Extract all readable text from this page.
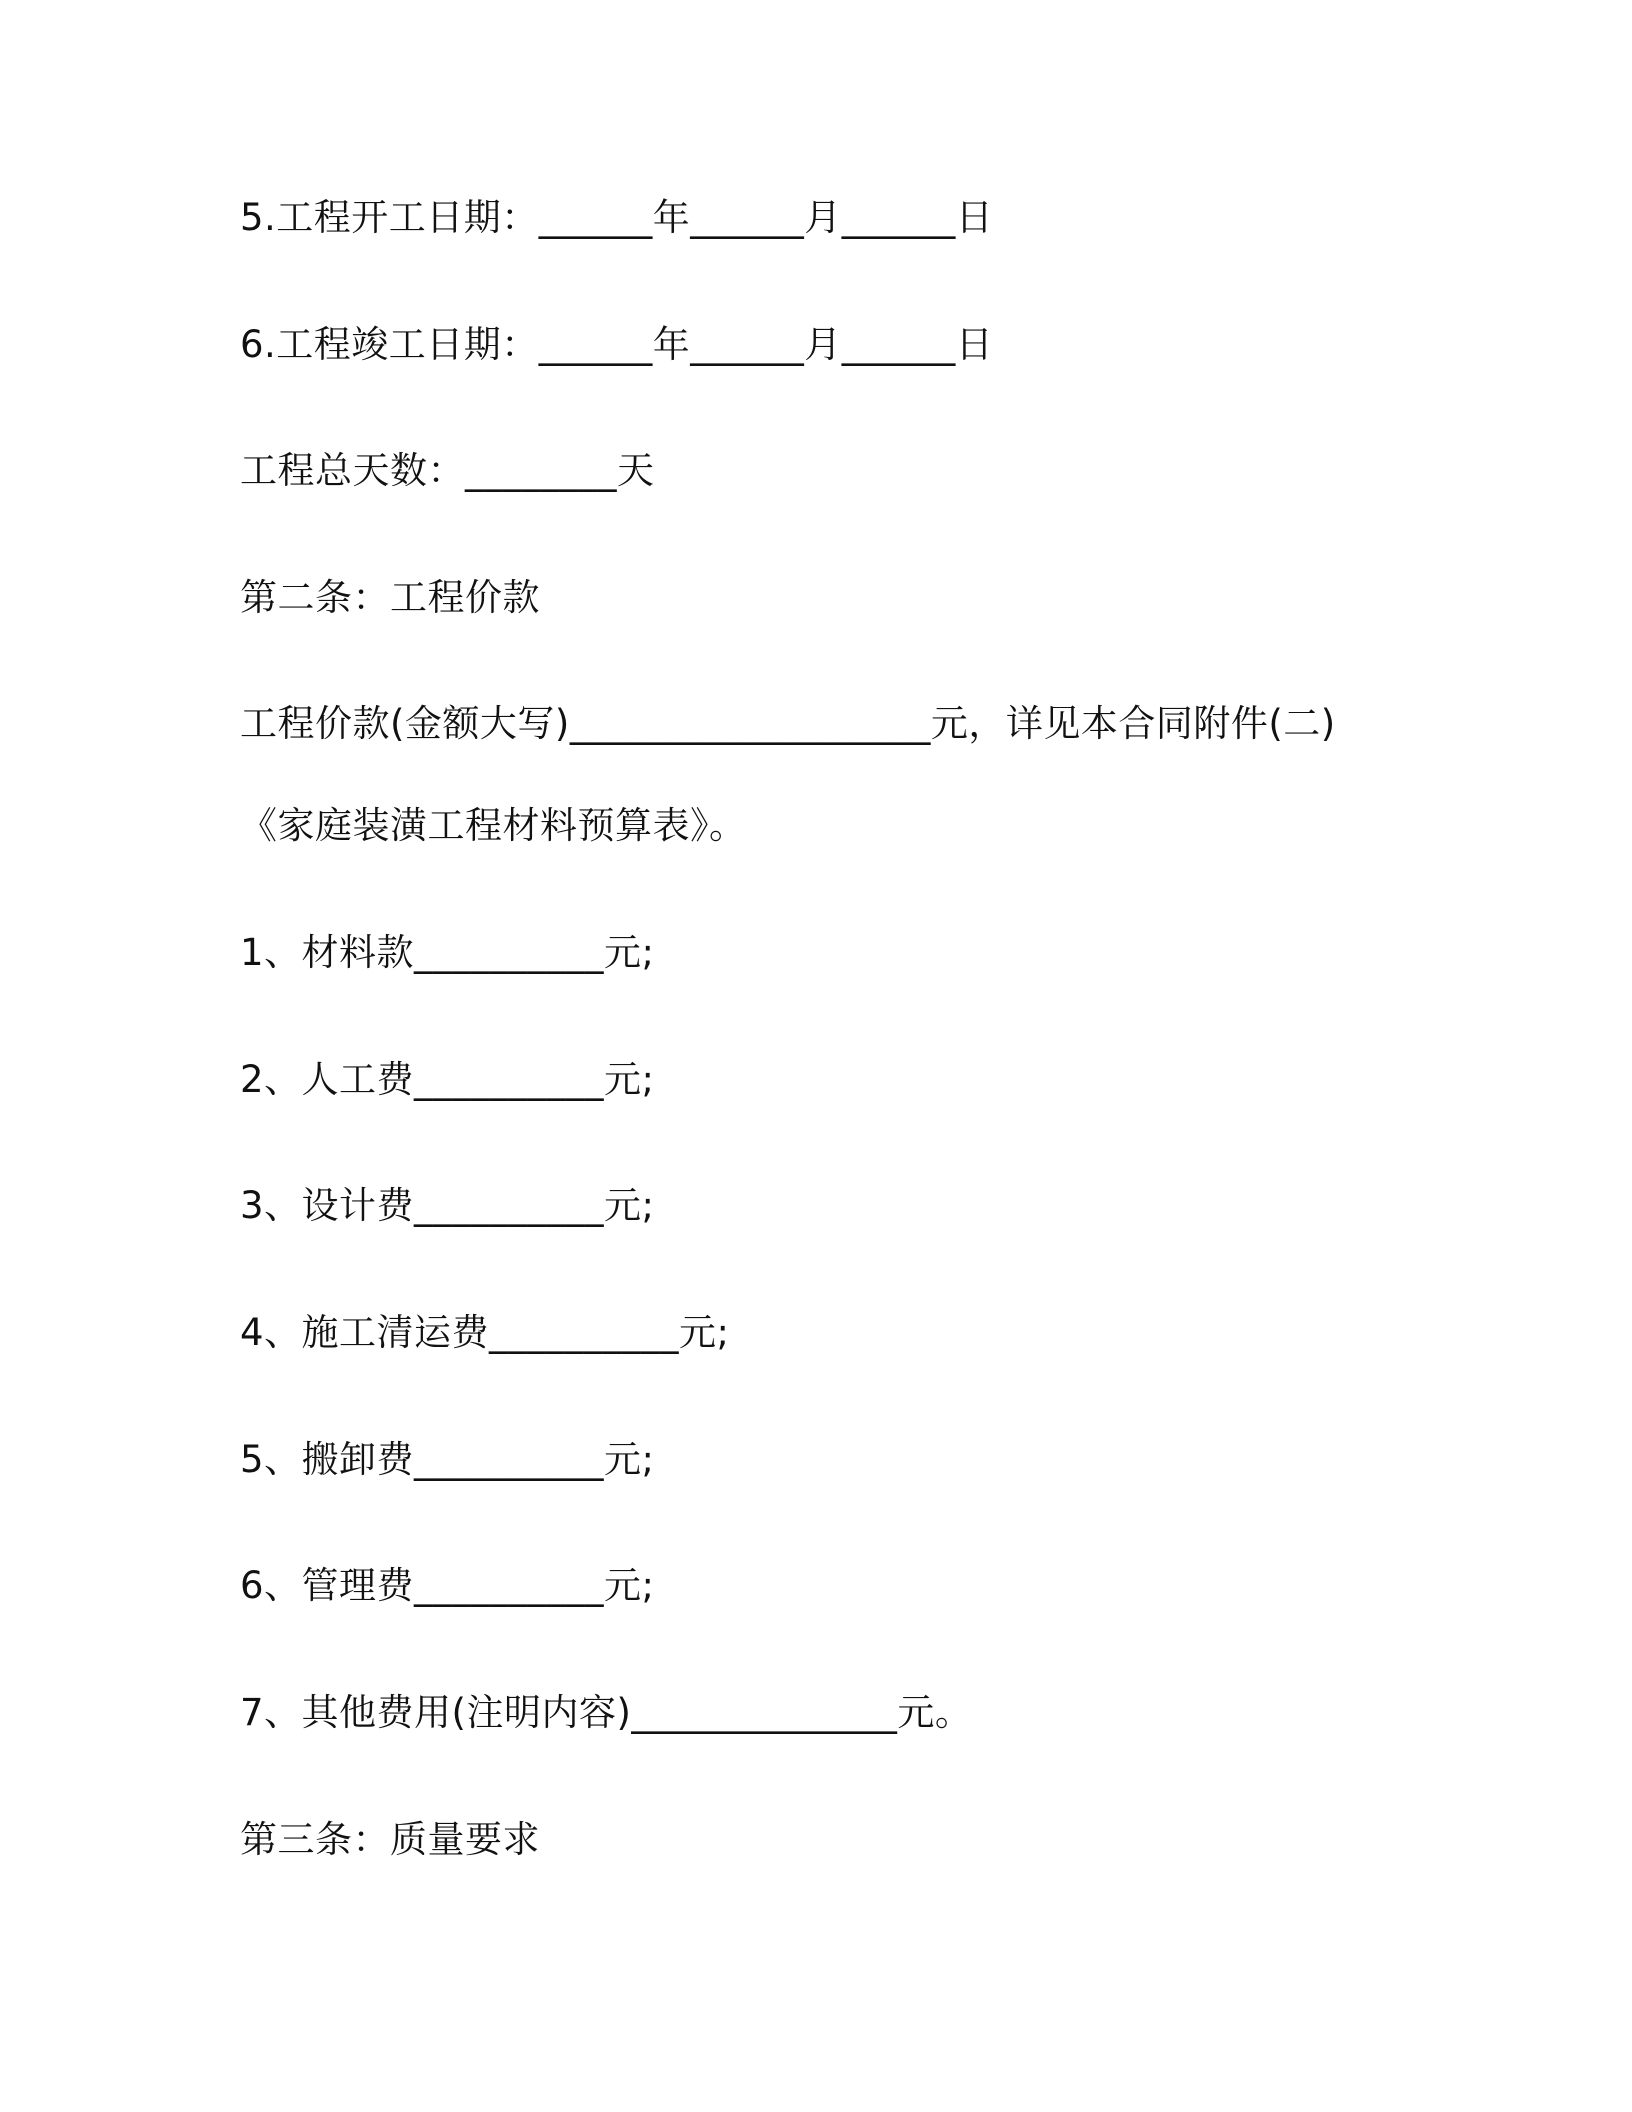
5.工程开工日期：______年______月______日
6.工程竣工日期：______年______月______日
工程总天数：________天
第二条：工程价款
工程价款(金额大写)___________________元，详见本合同附件(二)
《家庭装潢工程材料预算表》。
1、材料款__________元;
2、人工费__________元;
3、设计费__________元;
4、施工清运费__________元;
5、搬卸费__________元;
6、管理费__________元;
7、其他费用(注明内容)______________元。
第三条：质量要求
